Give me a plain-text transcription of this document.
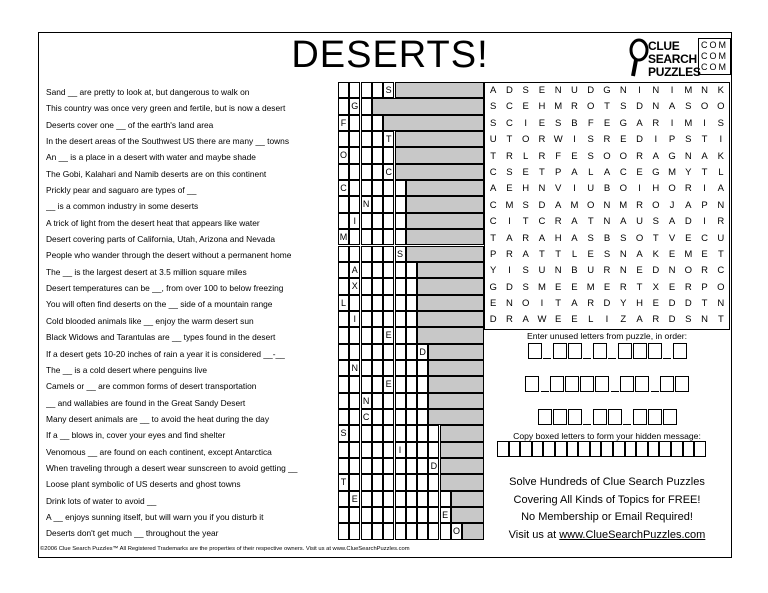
DESERTS!	CLUE
SEARCH
PUZZLES
COM
COM
COM
Sand __ are pretty to look at, but dangerous to walk on
This country was once very green and fertile, but is now a desert
Deserts cover one __ of the earth's land area
In the desert areas of the Southwest US there are many __ towns
An __ is a place in a desert with water and maybe shade
The Gobi, Kalahari and Namib deserts are on this continent
Prickly pear and saguaro are types of __
__ is a common industry in some deserts
A trick of light from the desert heat that appears like water
Desert covering parts of California, Utah, Arizona and Nevada
People who wander through the desert without a permanent home
The __ is the largest desert at 3.5 million square miles
Desert temperatures can be __, from over 100 to below freezing
You will often find deserts on the __ side of a mountain range
Cold blooded animals like __ enjoy the warm desert sun
Black Widows and Tarantulas are __ types found in the desert
If a desert gets 10-20 inches of rain a year it is considered __-__
The __ is a cold desert where penguins live
Camels or __ are common forms of desert transportation
__ and wallabies are found in the Great Sandy Desert
Many desert animals are __ to avoid the heat during the day
If a __ blows in, cover your eyes and find shelter
Venomous __ are found on each continent, except Antarctica
When traveling through a desert wear sunscreen to avoid getting __
Loose plant symbolic of US deserts and ghost towns
Drink lots of water to avoid __
A __ enjoys sunning itself, but will warn you if you disturb it
Deserts don't get much __ throughout the year
S
G
F
T
O
C
C
N
I
M
S
A
X
L
I
E
D
N
E
N
C
S
I
D
T
E
E
O
A	D	S	E	N U D G N	I	N	I	M N	K
S	C	E	H M R O	T	S	D N	A	S O O
S	C	I	E	S	B	F	E G A	R	I	M	I	S
U	T	O R W	I	S	R	E	D	I	P	S	T	I
T	R	L	R	F	E	S O O R	A G N	A	K
C	S	E	T	P	A	L	A	C	E G M Y	T	L
A	E	H N	V	I	U	B O	I	H O R	I	A
C M S	D	A M O N M R O	J	A	P	N
C	I	T	C R	A	T	N	A	U	S	A	D	I	R
T	A	R	A	H	A	S	B	S O	T	V	E	C U
P	R	A	T	T	L	E	S	N	A	K	E M E	T
Y	I	S	U N	B	U R N	E	D N O R C
G D	S M E	E M E	R	T	X	E	R	P O
E	N O	I	T	A	R D	Y	H	E	D D	T	N
D R	A W E	E	L	I	Z	A	R D	S	N	T
Enter unused letters from puzzle, in order:
Copy boxed letters to form your hidden message:
Solve Hundreds of Clue Search Puzzles
Covering All Kinds of Topics for FREE!
No Membership or Email Required!
Visit us at www.ClueSearchPuzzles.com
©2006 Clue Search Puzzles™ All Registered Trademarks are the properties of their respective owners. Visit us at www.ClueSearchPuzzles.com
